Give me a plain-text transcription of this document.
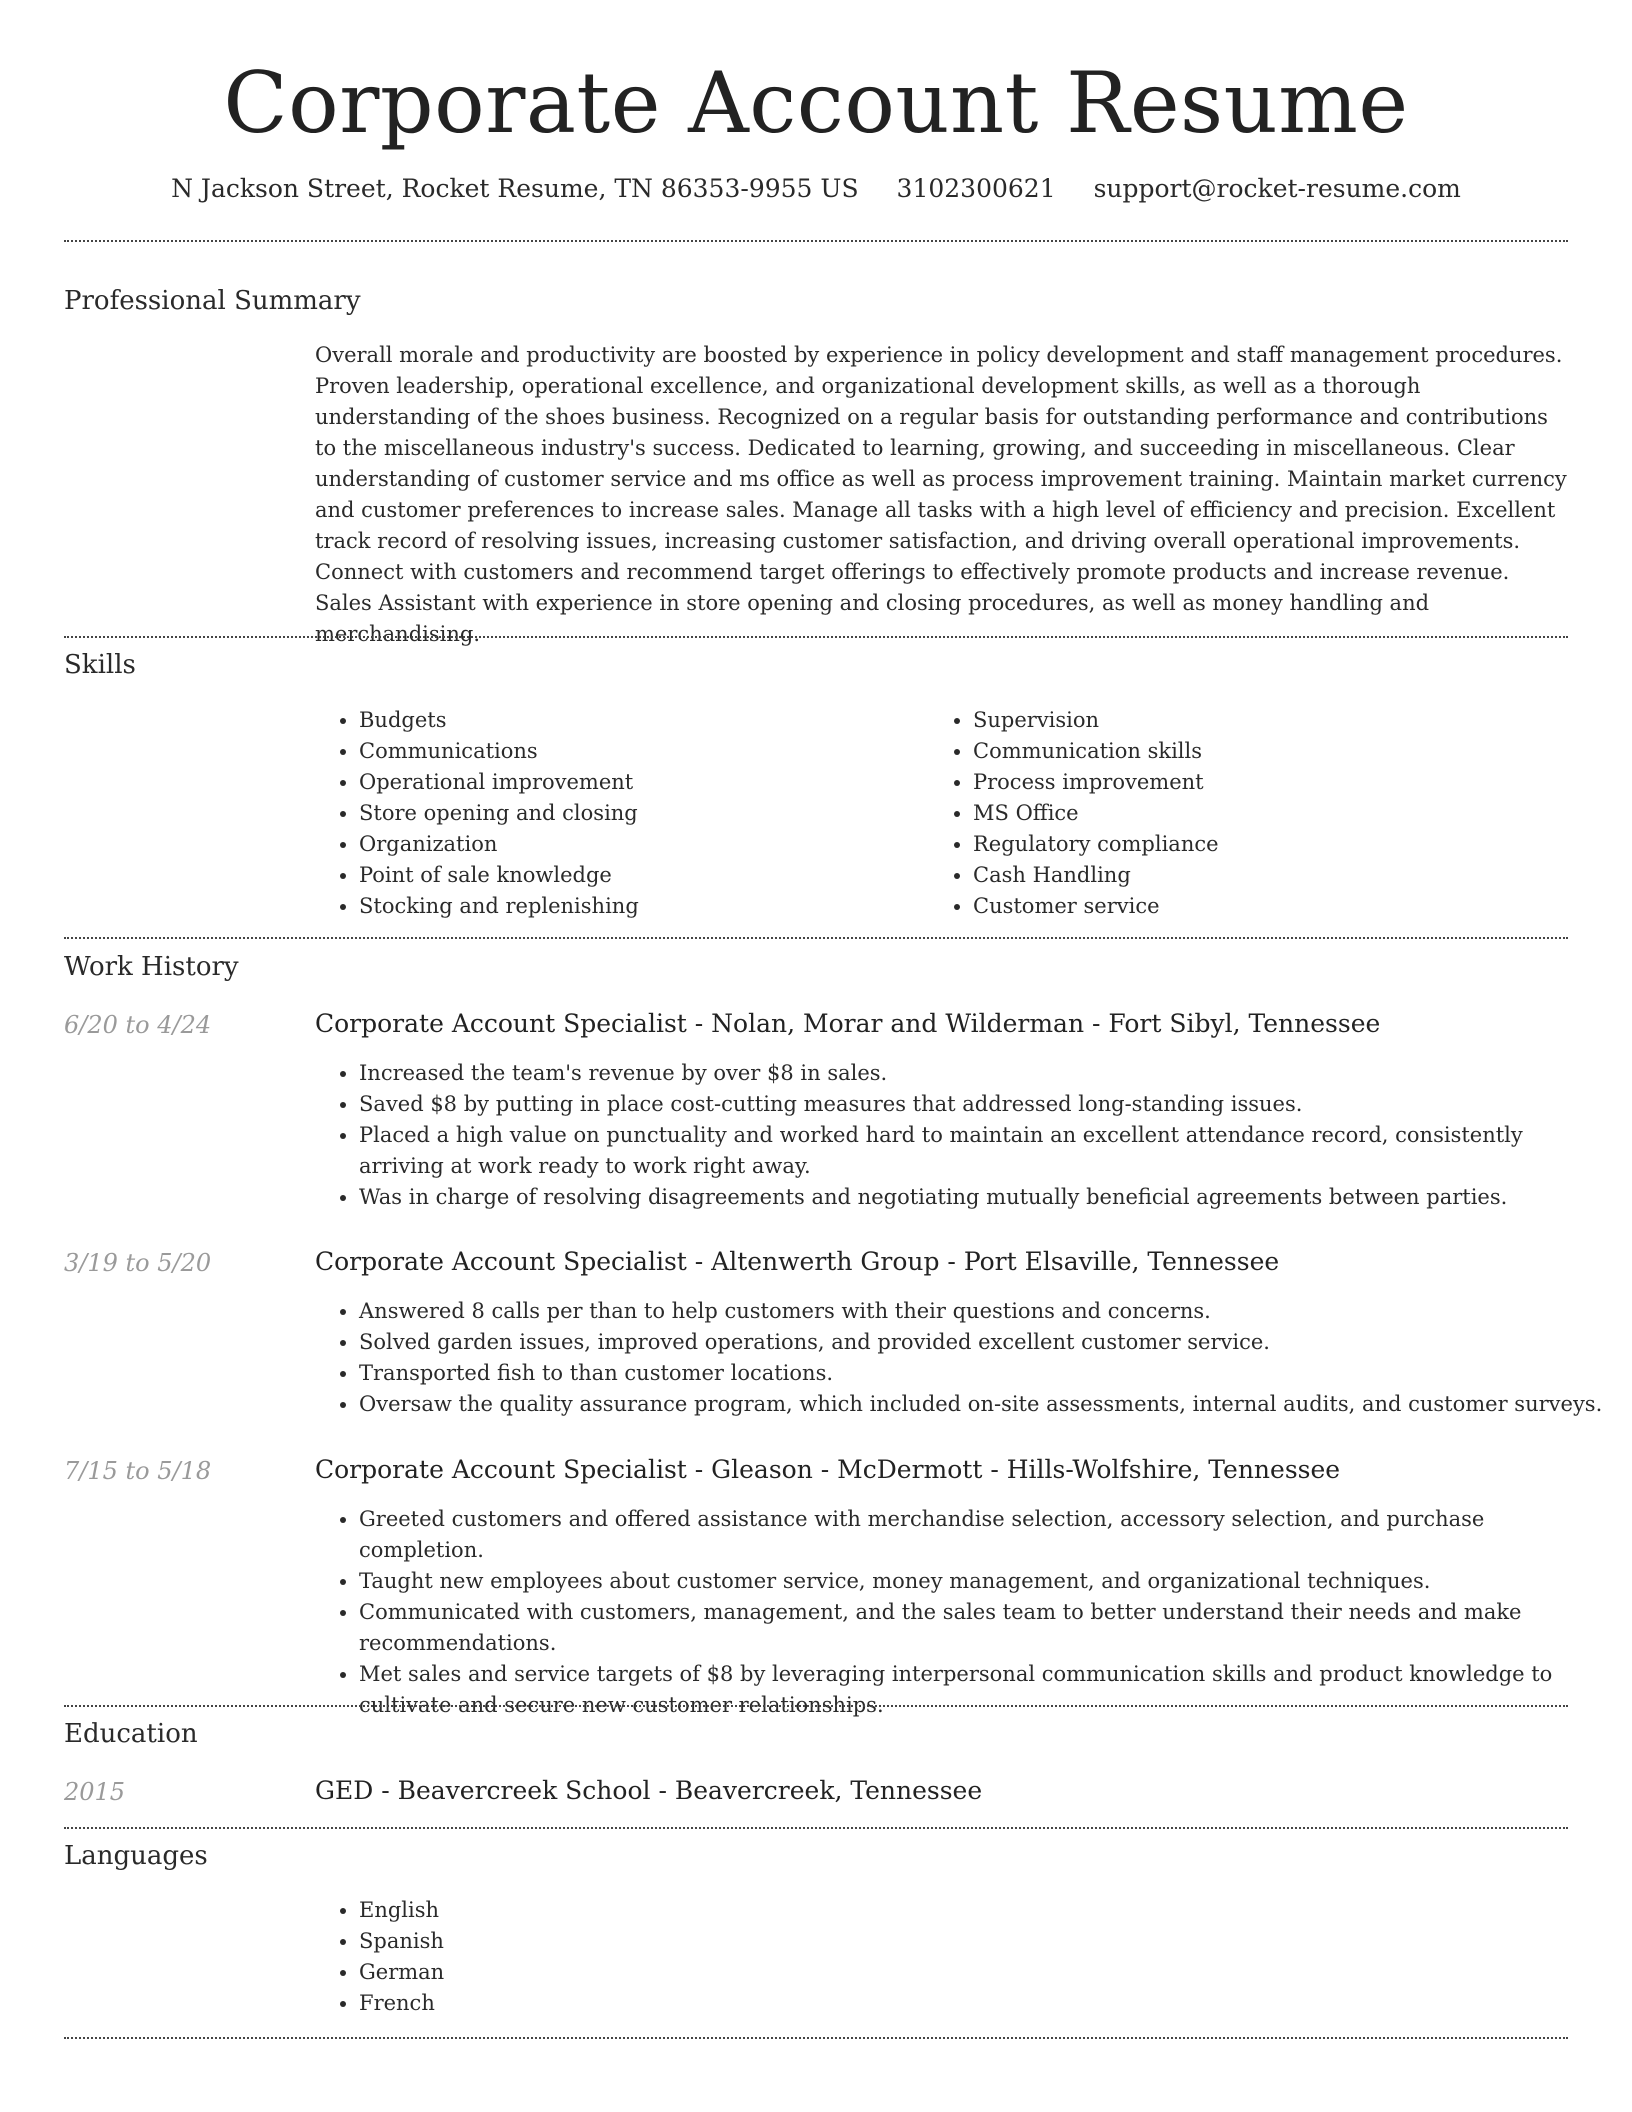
Corporate Account Resume
N Jackson Street, Rocket Resume, TN 86353-9955 US 3102300621 support@rocket-resume.com
Professional Summary

Overall morale and productivity are boosted by experience in policy development and staff management procedures. Proven leadership, operational excellence, and organizational development skills, as well as a thorough understanding of the shoes business. Recognized on a regular basis for outstanding performance and contributions to the miscellaneous industry's success. Dedicated to learning, growing, and succeeding in miscellaneous. Clear understanding of customer service and ms office as well as process improvement training. Maintain market currency and customer preferences to increase sales. Manage all tasks with a high level of efficiency and precision. Excellent track record of resolving issues, increasing customer satisfaction, and driving overall operational improvements. Connect with customers and recommend target offerings to effectively promote products and increase revenue. Sales Assistant with experience in store opening and closing procedures, as well as money handling and merchandising.

Skills
• Budgets
• Communications
• Operational improvement
• Store opening and closing
• Organization
• Point of sale knowledge
• Stocking and replenishing
• Supervision
• Communication skills
• Process improvement
• MS Office
• Regulatory compliance
• Cash Handling
• Customer service
Work History
6/20 to 4/24	Corporate Account Specialist - Nolan, Morar and Wilderman - Fort Sibyl, Tennessee
• Increased the team's revenue by over $8 in sales.
• Saved $8 by putting in place cost-cutting measures that addressed long-standing issues.
• Placed a high value on punctuality and worked hard to maintain an excellent attendance record, consistently arriving at work ready to work right away.
• Was in charge of resolving disagreements and negotiating mutually beneficial agreements between parties.
3/19 to 5/20	Corporate Account Specialist - Altenwerth Group - Port Elsaville, Tennessee
• Answered 8 calls per than to help customers with their questions and concerns.
• Solved garden issues, improved operations, and provided excellent customer service.
• Transported fish to than customer locations.
• Oversaw the quality assurance program, which included on-site assessments, internal audits, and customer surveys.
7/15 to 5/18	Corporate Account Specialist - Gleason - McDermott - Hills-Wolfshire, Tennessee
• Greeted customers and offered assistance with merchandise selection, accessory selection, and purchase completion.
• Taught new employees about customer service, money management, and organizational techniques.
• Communicated with customers, management, and the sales team to better understand their needs and make recommendations.
• Met sales and service targets of $8 by leveraging interpersonal communication skills and product knowledge to cultivate and secure new customer relationships.
Education
2015	GED - Beavercreek School - Beavercreek, Tennessee
Languages
• English
• Spanish
• German
• French
